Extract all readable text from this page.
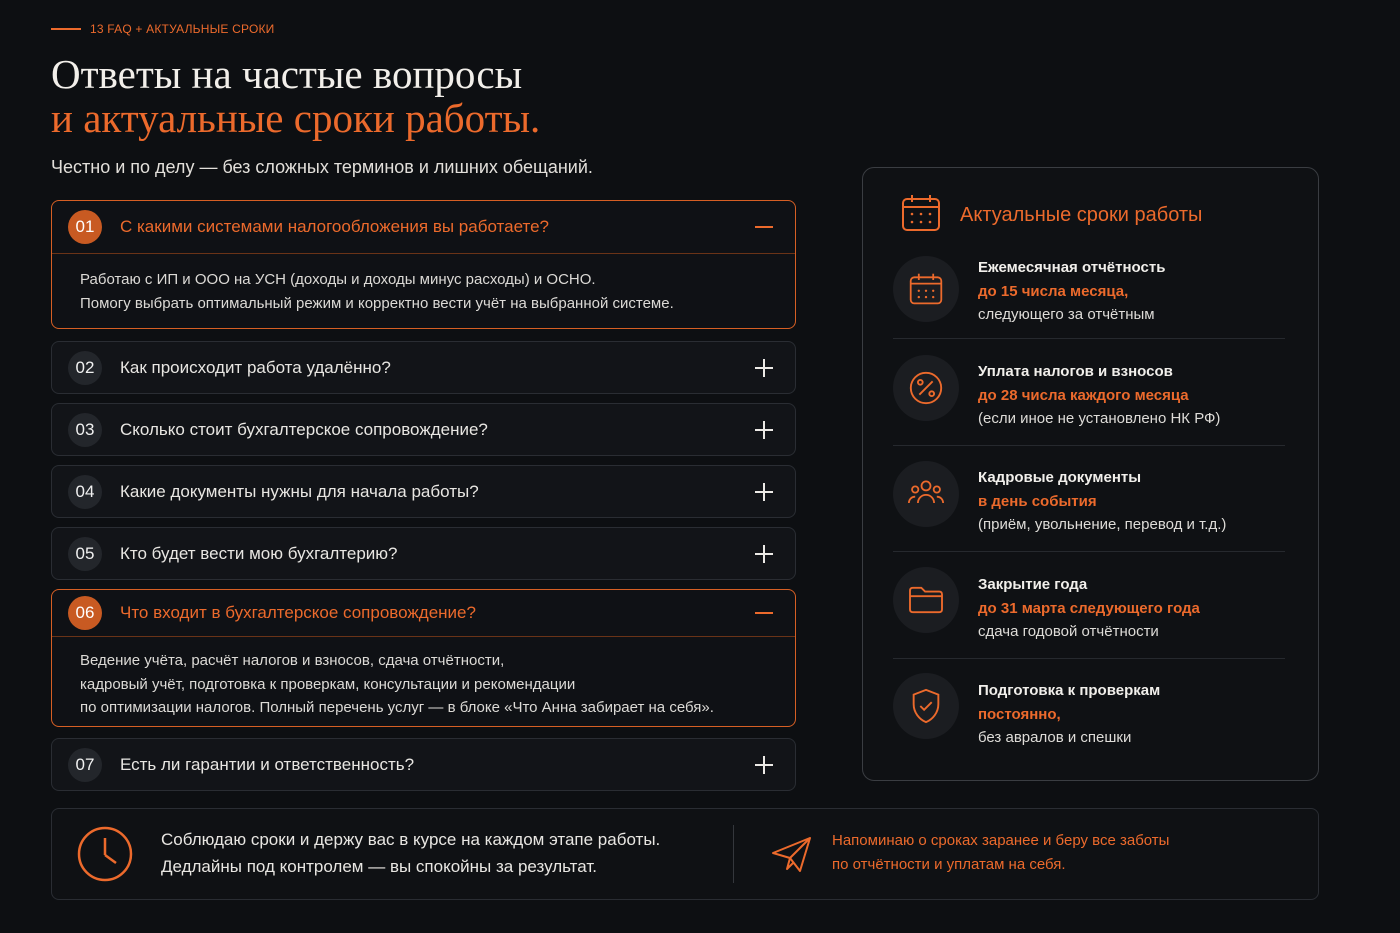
13 FAQ + АКТУАЛЬНЫЕ СРОКИ
Ответы на частые вопросы
и актуальные сроки работы.
Честно и по делу — без сложных терминов и лишних обещаний.
01	С какими системами налогообложения вы работаете?
Работаю с ИП и ООО на УСН (доходы и доходы минус расходы) и ОСНО.
Помогу выбрать оптимальный режим и корректно вести учёт на выбранной системе.
02	Как происходит работа удалённо?
03	Сколько стоит бухгалтерское сопровождение?
04	Какие документы нужны для начала работы?
05	Кто будет вести мою бухгалтерию?
06	Что входит в бухгалтерское сопровождение?
Ведение учёта, расчёт налогов и взносов, сдача отчётности,
кадровый учёт, подготовка к проверкам, консультации и рекомендации
по оптимизации налогов. Полный перечень услуг — в блоке «Что Анна забирает на себя».
07	Есть ли гарантии и ответственность?
Актуальные сроки работы
Ежемесячная отчётность
до 15 числа месяца,
следующего за отчётным
Уплата налогов и взносов
до 28 числа каждого месяца
(если иное не установлено НК РФ)
Кадровые документы
в день события
(приём, увольнение, перевод и т.д.)
Закрытие года
до 31 марта следующего года
сдача годовой отчётности
Подготовка к проверкам
постоянно,
без авралов и спешки
Соблюдаю сроки и держу вас в курсе на каждом этапе работы.
Дедлайны под контролем — вы спокойны за результат.
Напоминаю о сроках заранее и беру все заботы
по отчётности и уплатам на себя.
